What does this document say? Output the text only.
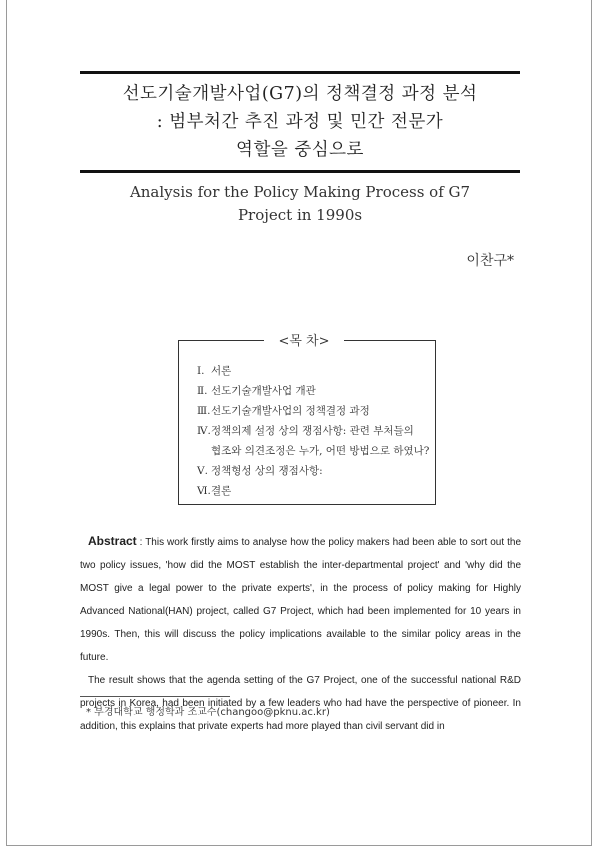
선도기술개발사업(G7)의 정책결정 과정 분석
: 범부처간 추진 과정 및 민간 전문가
역할을 중심으로
Analysis for the Policy Making Process of G7
Project in 1990s
이찬구*
<목 차>
Ⅰ. 서론
Ⅱ. 선도기술개발사업 개관
Ⅲ.선도기술개발사업의 정책결정 과정
Ⅳ.정책의제 설정 상의 쟁점사항: 관련 부처들의
협조와 의견조정은 누가, 어떤 방법으로 하였나?
Ⅴ. 정책형성 상의 쟁점사항:
Ⅵ.결론

Abstract : This work firstly aims to analyse how the policy makers had been able to sort out the two policy issues, 'how did the MOST establish the inter-departmental project' and 'why did the MOST give a legal power to the private experts', in the process of policy making for Highly Advanced National(HAN) project, called G7 Project, which had been implemented for 10 years in 1990s. Then, this will discuss the policy implications available to the similar policy areas in the future.

The result shows that the agenda setting of the G7 Project, one of the successful national R&D projects in Korea, had been initiated by a few leaders who had have the perspective of pioneer. In addition, this explains that private experts had more played than civil servant did in

* 부경대학교 행정학과 조교수(changoo@pknu.ac.kr)
